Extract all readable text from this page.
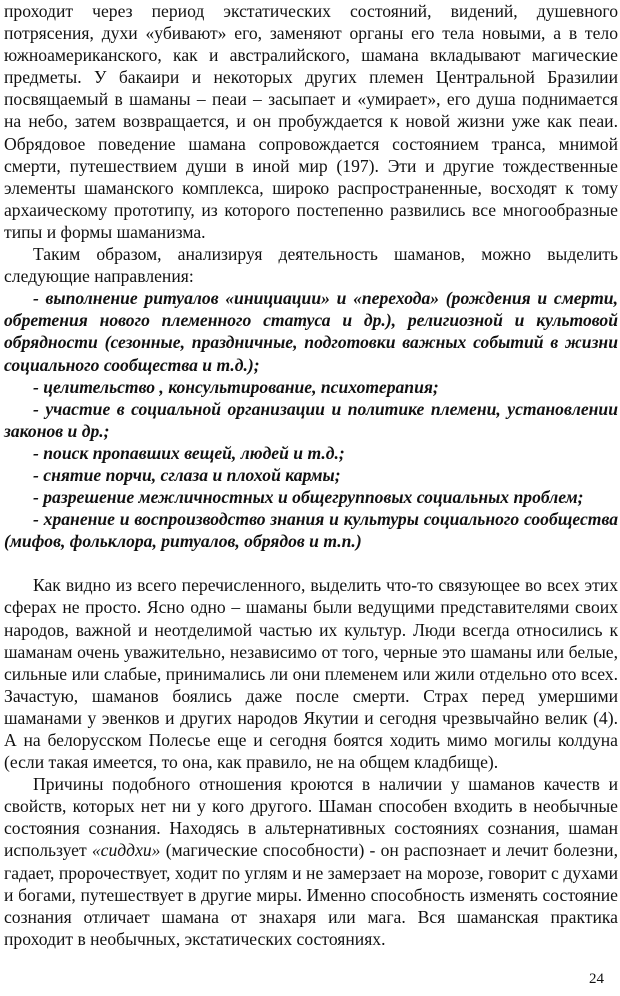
проходит через период экстатических состояний, видений, душевного потрясения, духи «убивают» его, заменяют органы его тела новыми, а в тело южноамериканского, как и австралийского, шамана вкладывают магические предметы. У бакаири и некоторых других племен Центральной Бразилии посвящаемый в шаманы – пеаи – засыпает и «умирает», его душа поднимается на небо, затем возвращается, и он пробуждается к новой жизни уже как пеаи. Обрядовое поведение шамана сопровождается состоянием транса, мнимой смерти, путешествием души в иной мир (197). Эти и другие тождественные элементы шаманского комплекса, широко распространенные, восходят к тому архаическому прототипу, из которого постепенно развились все многообразные типы и формы шаманизма.

Таким образом, анализируя деятельность шаманов, можно выделить следующие направления:

- выполнение ритуалов «инициации» и «перехода» (рождения и смерти, обретения нового племенного статуса и др.), религиозной и культовой обрядности (сезонные, праздничные, подготовки важных событий в жизни социального сообщества и т.д.);

- целительство , консультирование, психотерапия;

- участие в социальной организации и политике племени, установлении законов и др.;

- поиск пропавших вещей, людей и т.д.;

- снятие порчи, сглаза и плохой кармы;

- разрешение межличностных и общегрупповых социальных проблем;

- хранение и воспроизводство знания и культуры социального сообщества (мифов, фольклора, ритуалов, обрядов и т.п.)

Как видно из всего перечисленного, выделить что-то связующее во всех этих сферах не просто. Ясно одно – шаманы были ведущими представителями своих народов, важной и неотделимой частью их культур. Люди всегда относились к шаманам очень уважительно, независимо от того, черные это шаманы или белые, сильные или слабые, принимались ли они племенем или жили отдельно ото всех. Зачастую, шаманов боялись даже после смерти. Страх перед умершими шаманами у эвенков и других народов Якутии и сегодня чрезвычайно велик (4). А на белорусском Полесье еще и сегодня боятся ходить мимо могилы колдуна (если такая имеется, то она, как правило, не на общем кладбище).

Причины подобного отношения кроются в наличии у шаманов качеств и свойств, которых нет ни у кого другого. Шаман способен входить в необычные состояния сознания. Находясь в альтернативных состояниях сознания, шаман использует «сиддхи» (магические способности) - он распознает и лечит болезни, гадает, пророчествует, ходит по углям и не замерзает на морозе, говорит с духами и богами, путешествует в другие миры. Именно способность изменять состояние сознания отличает шамана от знахаря или мага. Вся шаманская практика проходит в необычных, экстатических состояниях.

24
